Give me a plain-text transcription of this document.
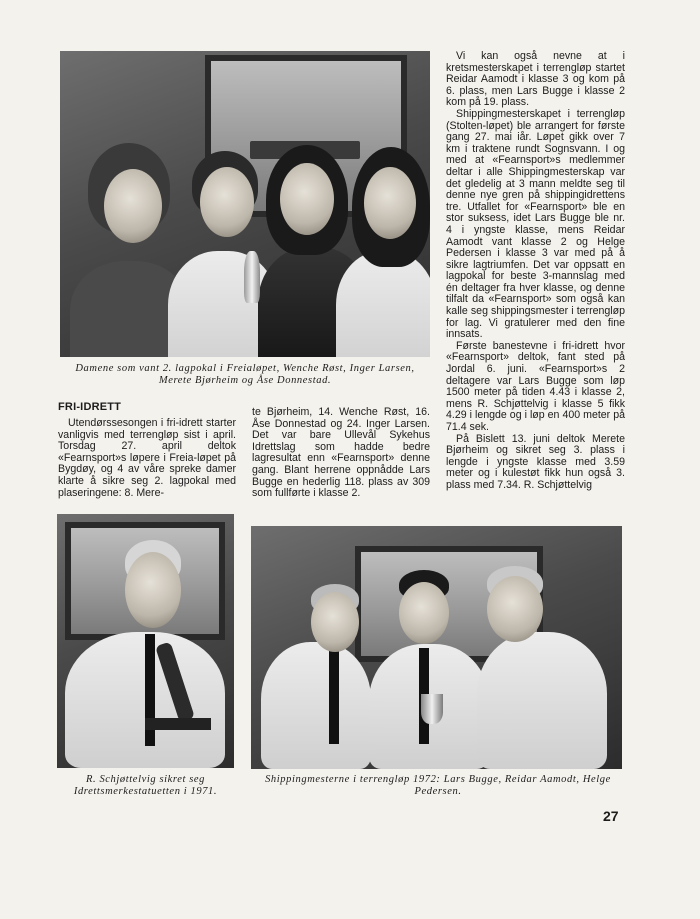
Damene som vant 2. lagpokal i Freialøpet, Wenche Røst, Inger Larsen, Merete Bjørheim og Åse Donnestad.
FRI-IDRETT

Utendørssesongen i fri-idrett starter vanligvis med terrengløp sist i april. Torsdag 27. april deltok «Fearnsport»s løpere i Freia-løpet på Bygdøy, og 4 av våre spreke damer klarte å sikre seg 2. lagpokal med plaseringene: 8. Mere-

te Bjørheim, 14. Wenche Røst, 16. Åse Donnestad og 24. Inger Larsen. Det var bare Ullevål Sykehus Idrettslag som hadde bedre lagresultat enn «Fearnsport» denne gang. Blant herrene oppnådde Lars Bugge en hederlig 118. plass av 309 som fullførte i klasse 2.

Vi kan også nevne at i kretsmesterskapet i terrengløp startet Reidar Aamodt i klasse 3 og kom på 6. plass, men Lars Bugge i klasse 2 kom på 19. plass.

Shippingmesterskapet i terrengløp (Stolten-løpet) ble arrangert for første gang 27. mai iår. Løpet gikk over 7 km i traktene rundt Sognsvann. I og med at «Fearnsport»s medlemmer deltar i alle Shippingmesterskap var det gledelig at 3 mann meldte seg til denne nye gren på shippingidrettens tre. Utfallet for «Fearnsport» ble en stor suksess, idet Lars Bugge ble nr. 4 i yngste klasse, mens Reidar Aamodt vant klasse 2 og Helge Pedersen i klasse 3 var med på å sikre lagtriumfen. Det var oppsatt en lagpokal for beste 3-mannslag med én deltager fra hver klasse, og denne tilfalt da «Fearnsport» som også kan kalle seg shippingsmester i terrengløp for lag. Vi gratulerer med den fine innsats.

Første banestevne i fri-idrett hvor «Fearnsport» deltok, fant sted på Jordal 6. juni. «Fearnsport»s 2 deltagere var Lars Bugge som løp 1500 meter på tiden 4.43 i klasse 2, mens R. Schjøttelvig i klasse 5 fikk 4.29 i lengde og i løp en 400 meter på 71.4 sek.

På Bislett 13. juni deltok Merete Bjørheim og sikret seg 3. plass i lengde i yngste klasse med 3.59 meter og i kulestøt fikk hun også 3. plass med 7.34. R. Schjøttelvig

R. Schjøttelvig sikret seg Idrettsmerkestatuetten i 1971.
Shippingmesterne i terrengløp 1972: Lars Bugge, Reidar Aamodt, Helge Pedersen.
27
